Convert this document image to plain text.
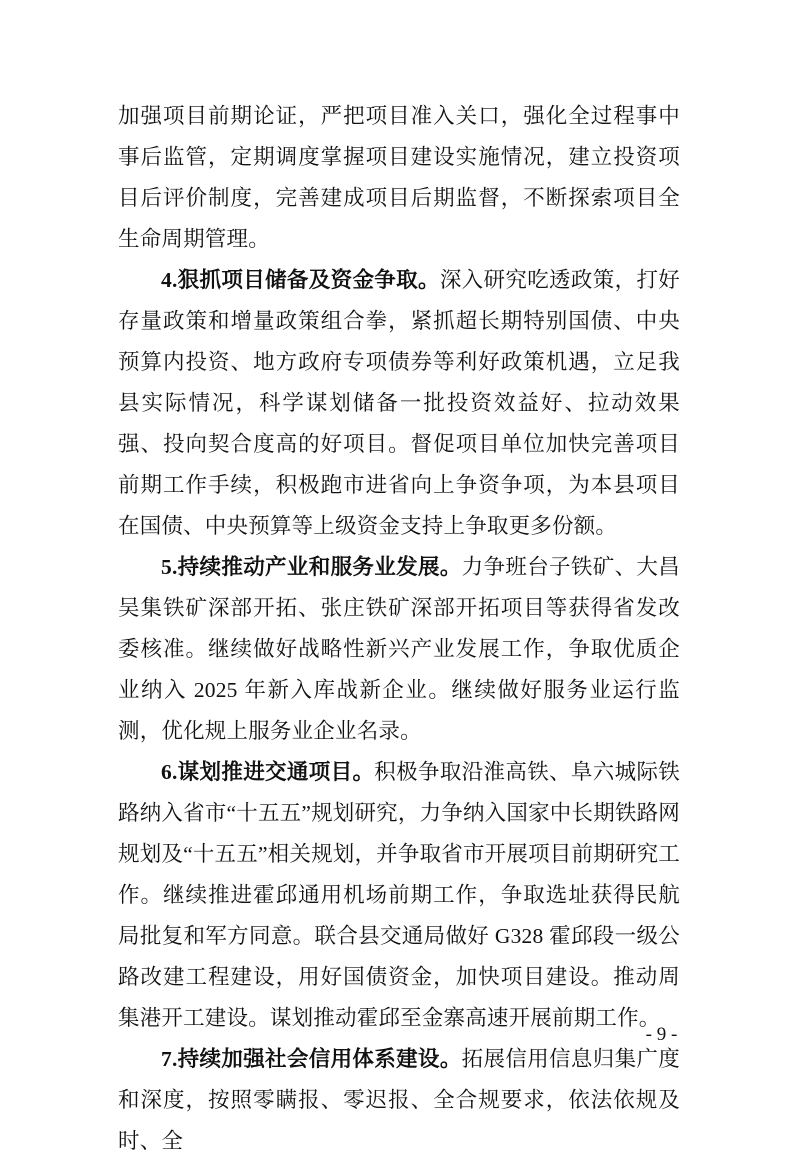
加强项目前期论证，严把项目准入关口，强化全过程事中事后监管，定期调度掌握项目建设实施情况，建立投资项目后评价制度，完善建成项目后期监督，不断探索项目全生命周期管理。

4.狠抓项目储备及资金争取。深入研究吃透政策，打好存量政策和增量政策组合拳，紧抓超长期特别国债、中央预算内投资、地方政府专项债券等利好政策机遇，立足我县实际情况，科学谋划储备一批投资效益好、拉动效果强、投向契合度高的好项目。督促项目单位加快完善项目前期工作手续，积极跑市进省向上争资争项，为本县项目在国债、中央预算等上级资金支持上争取更多份额。

5.持续推动产业和服务业发展。力争班台子铁矿、大昌吴集铁矿深部开拓、张庄铁矿深部开拓项目等获得省发改委核准。继续做好战略性新兴产业发展工作，争取优质企业纳入 2025 年新入库战新企业。继续做好服务业运行监测，优化规上服务业企业名录。

6.谋划推进交通项目。积极争取沿淮高铁、阜六城际铁路纳入省市“十五五”规划研究，力争纳入国家中长期铁路网规划及“十五五”相关规划，并争取省市开展项目前期研究工作。继续推进霍邱通用机场前期工作，争取选址获得民航局批复和军方同意。联合县交通局做好 G328 霍邱段一级公路改建工程建设，用好国债资金，加快项目建设。推动周集港开工建设。谋划推动霍邱至金寨高速开展前期工作。

7.持续加强社会信用体系建设。拓展信用信息归集广度和深度，按照零瞒报、零迟报、全合规要求，依法依规及时、全

- 9 -
